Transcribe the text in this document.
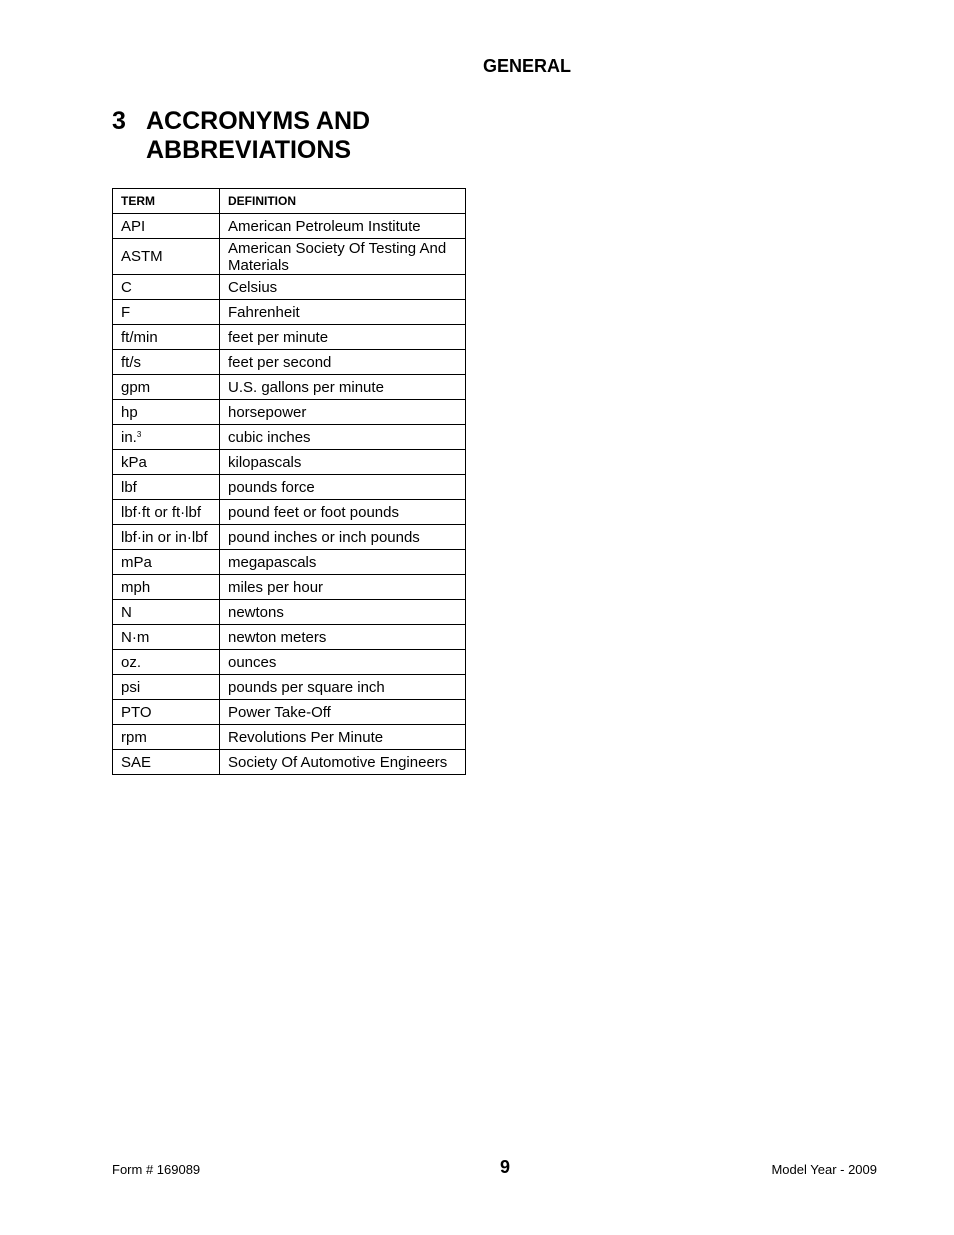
GENERAL
3 ACCRONYMS AND ABBREVIATIONS
TERM	DEFINITION
API	American Petroleum Institute
ASTM	American Society Of Testing And Materials
C	Celsius
F	Fahrenheit
ft/min	feet per minute
ft/s	feet per second
gpm	U.S. gallons per minute
hp	horsepower
in.$^3$	cubic inches
kPa	kilopascals
lbf	pounds force
lbf·ft or ft·lbf	pound feet or foot pounds
lbf·in or in·lbf	pound inches or inch pounds
mPa	megapascals
mph	miles per hour
N	newtons
N·m	newton meters
oz.	ounces
psi	pounds per square inch
PTO	Power Take-Off
rpm	Revolutions Per Minute
SAE	Society Of Automotive Engineers
Form # 169089	9	Model Year - 2009
